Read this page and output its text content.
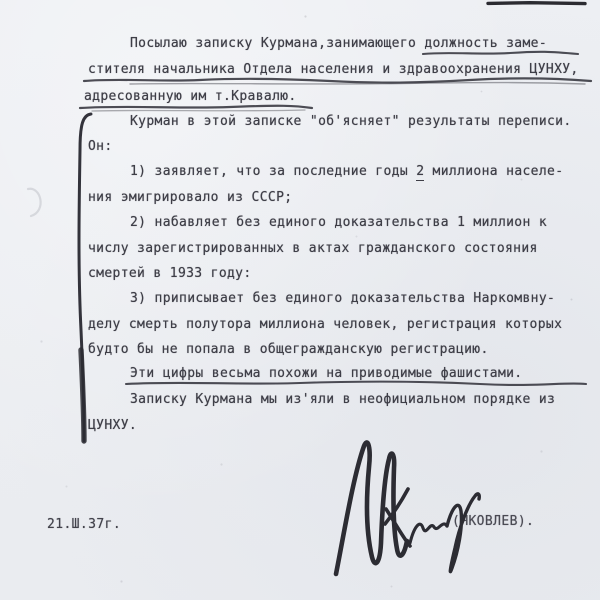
Посылаю записку Курмана,занимающего должность заме-
стителя начальника Отдела населения и здравоохранения ЦУНХУ,
адресованную им т.Кравалю.
Курман в этой записке "об'ясняет" результаты переписи.
Он:
1) заявляет, что за последние годы 2 миллиона населе-
ния эмигрировало из СССР;
2) набавляет без единого доказательства 1 миллион к
числу зарегистрированных в актах гражданского состояния
смертей в 1933 году:
3) приписывает без единого доказательства Наркомвну-
делу смерть полутора миллиона человек, регистрация которых
будто бы не попала в общегражданскую регистрацию.
Эти цифры весьма похожи на приводимые фашистами.
Записку Курмана мы из'яли в неофициальном порядке из
ЦУНХУ.
21.Ш.37г.	(ЯКОВЛЕВ).
